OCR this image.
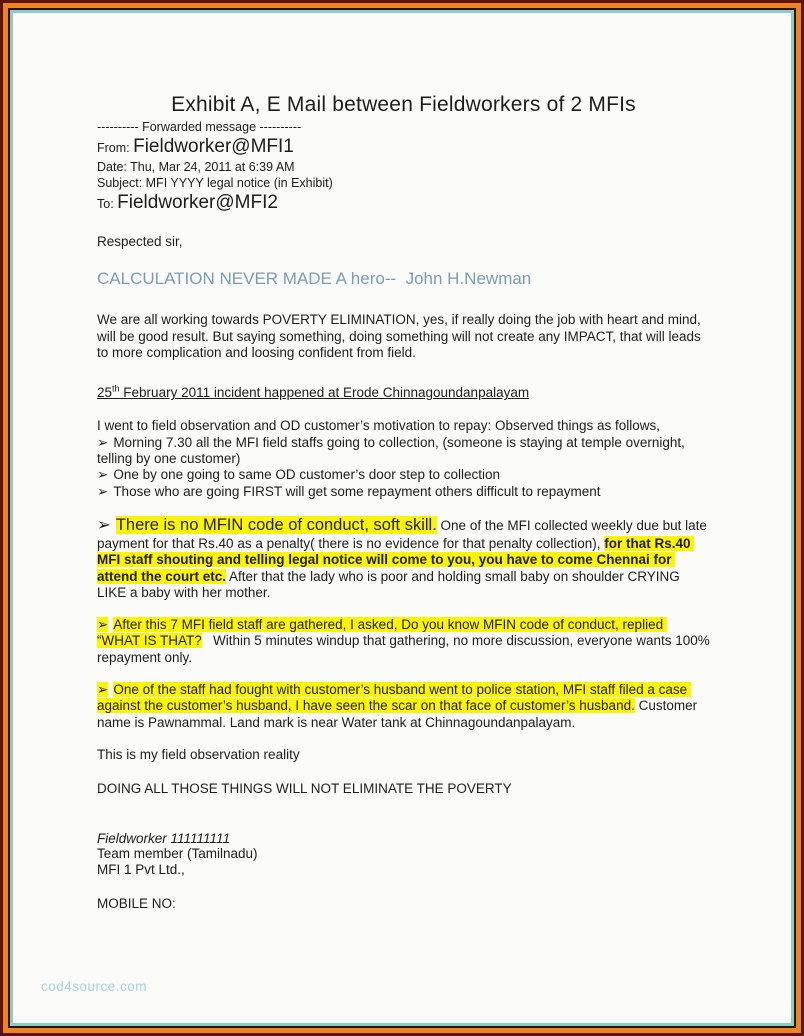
Exhibit A, E Mail between Fieldworkers of 2 MFIs
---------- Forwarded message ----------
From: Fieldworker@MFI1
Date: Thu, Mar 24, 2011 at 6:39 AM
Subject: MFI YYYY legal notice (in Exhibit)
To: Fieldworker@MFI2

Respected sir,

CALCULATION NEVER MADE A hero--  John H.Newman

We are all working towards POVERTY ELIMINATION, yes, if really doing the job with heart and mind, will be good result. But saying something, doing something will not create any IMPACT, that will leads to more complication and loosing confident from field.

25th February 2011 incident happened at Erode Chinnagoundanpalayam

I went to field observation and OD customer’s motivation to repay: Observed things as follows,

➢ Morning 7.30 all the MFI field staffs going to collection, (someone is staying at temple overnight, telling by one customer)

➢ One by one going to same OD customer’s door step to collection

➢ Those who are going FIRST will get some repayment others difficult to repayment

➢ There is no MFIN code of conduct, soft skill. One of the MFI collected weekly due but late payment for that Rs.40 as a penalty( there is no evidence for that penalty collection), for that Rs.40 MFI staff shouting and telling legal notice will come to you, you have to come Chennai for attend the court etc. After that the lady who is poor and holding small baby on shoulder CRYING LIKE a baby with her mother.

➢ After this 7 MFI field staff are gathered, I asked, Do you know MFIN code of conduct, replied “WHAT IS THAT?   Within 5 minutes windup that gathering, no more discussion, everyone wants 100% repayment only.

➢ One of the staff had fought with customer’s husband went to police station, MFI staff filed a case against the customer’s husband, I have seen the scar on that face of customer’s husband. Customer name is Pawnammal. Land mark is near Water tank at Chinnagoundanpalayam.

This is my field observation reality

DOING ALL THOSE THINGS WILL NOT ELIMINATE THE POVERTY

Fieldworker 111111111
Team member (Tamilnadu)
MFI 1 Pvt Ltd.,

MOBILE NO:

cod4source.com
